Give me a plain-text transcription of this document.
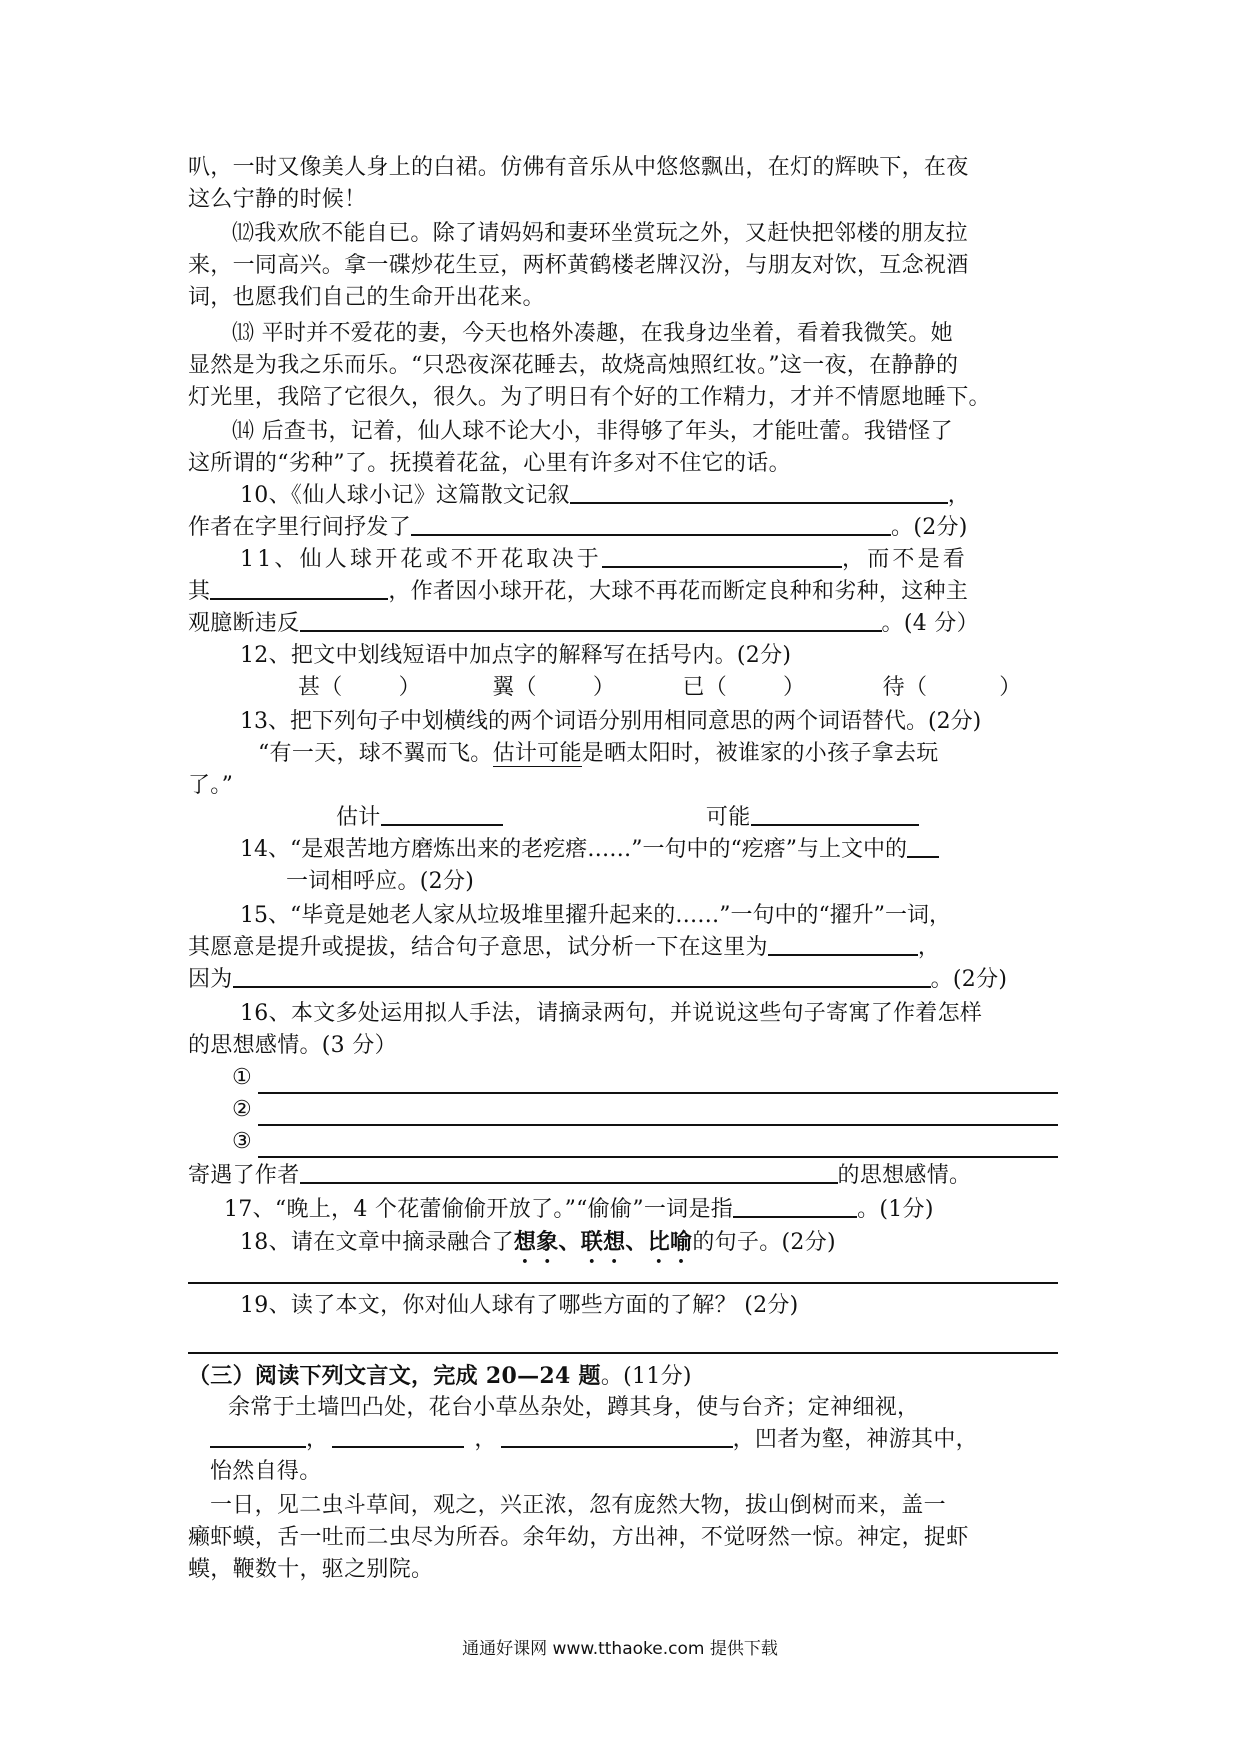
叭，一时又像美人身上的白裙。仿佛有音乐从中悠悠飘出，在灯的辉映下，在夜
这么宁静的时候！
⑿我欢欣不能自已。除了请妈妈和妻环坐赏玩之外，又赶快把邻楼的朋友拉
来，一同高兴。拿一碟炒花生豆，两杯黄鹤楼老牌汉汾，与朋友对饮，互念祝酒
词，也愿我们自己的生命开出花来。
⒀ 平时并不爱花的妻，今天也格外凑趣，在我身边坐着，看着我微笑。她
显然是为我之乐而乐。“只恐夜深花睡去，故烧高烛照红妆。”这一夜，在静静的
灯光里，我陪了它很久，很久。为了明日有个好的工作精力，才并不情愿地睡下。
⒁ 后查书，记着，仙人球不论大小，非得够了年头，才能吐蕾。我错怪了
这所谓的“劣种”了。抚摸着花盆，心里有许多对不住它的话。
10、《仙人球小记》这篇散文记叙	，
作者在字里行间抒发了	。(2分)
11、仙人球开花或不开花取决于	，而不是看
其	，作者因小球开花，大球不再花而断定良种和劣种，这种主
观臆断违反	。(4 分）
12、把文中划线短语中加点字的解释写在括号内。(2分)
甚（	）	翼（	）	已（	）	待（	）
13、把下列句子中划横线的两个词语分别用相同意思的两个词语替代。(2分)
“有一天，球不翼而飞。估计可能是晒太阳时，被谁家的小孩子拿去玩
了。”
估计	可能
14、“是艰苦地方磨炼出来的老疙瘩……”一句中的“疙瘩”与上文中的
一词相呼应。(2分)
15、“毕竟是她老人家从垃圾堆里擢升起来的……”一句中的“擢升”一词，
其愿意是提升或提拔，结合句子意思，试分析一下在这里为	，
因为	。(2分)
16、本文多处运用拟人手法，请摘录两句，并说说这些句子寄寓了作着怎样
的思想感情。(3 分）
①
②
③
寄遇了作者	的思想感情。
17、“晚上，4 个花蕾偷偷开放了。”“偷偷”一词是指	。(1分)
18、请在文章中摘录融合了想象、联想、比喻的句子。(2分)
19、读了本文，你对仙人球有了哪些方面的了解？ (2分)
（三）阅读下列文言文，完成 20—24 题。(11分)
余常于土墙凹凸处，花台小草丛杂处，蹲其身，使与台齐；定神细视，
，	，	，凹者为壑，神游其中，
怡然自得。
一日，见二虫斗草间，观之，兴正浓，忽有庞然大物，拔山倒树而来，盖一
癞虾蟆，舌一吐而二虫尽为所吞。余年幼，方出神，不觉呀然一惊。神定，捉虾
蟆，鞭数十，驱之别院。
通通好课网 www.tthaoke.com 提供下载
